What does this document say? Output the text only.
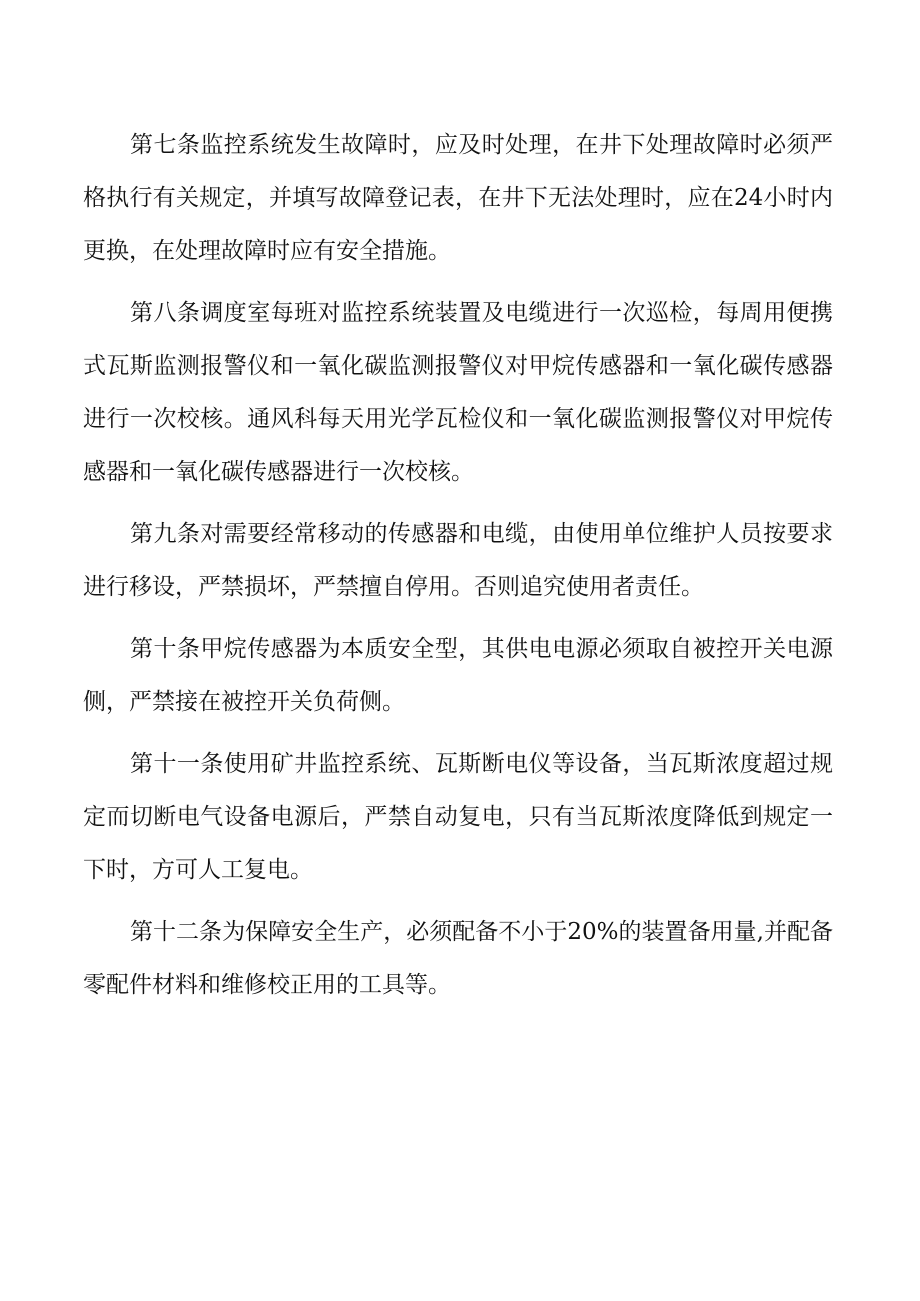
第七条监控系统发生故障时，应及时处理，在井下处理故障时必须严格执行有关规定，并填写故障登记表，在井下无法处理时，应在24小时内更换，在处理故障时应有安全措施。

第八条调度室每班对监控系统装置及电缆进行一次巡检，每周用便携式瓦斯监测报警仪和一氧化碳监测报警仪对甲烷传感器和一氧化碳传感器进行一次校核。通风科每天用光学瓦检仪和一氧化碳监测报警仪对甲烷传感器和一氧化碳传感器进行一次校核。

第九条对需要经常移动的传感器和电缆，由使用单位维护人员按要求进行移设，严禁损坏，严禁擅自停用。否则追究使用者责任。

第十条甲烷传感器为本质安全型，其供电电源必须取自被控开关电源侧，严禁接在被控开关负荷侧。

第十一条使用矿井监控系统、瓦斯断电仪等设备，当瓦斯浓度超过规定而切断电气设备电源后，严禁自动复电，只有当瓦斯浓度降低到规定一下时，方可人工复电。

第十二条为保障安全生产，必须配备不小于20%的装置备用量,并配备零配件材料和维修校正用的工具等。
